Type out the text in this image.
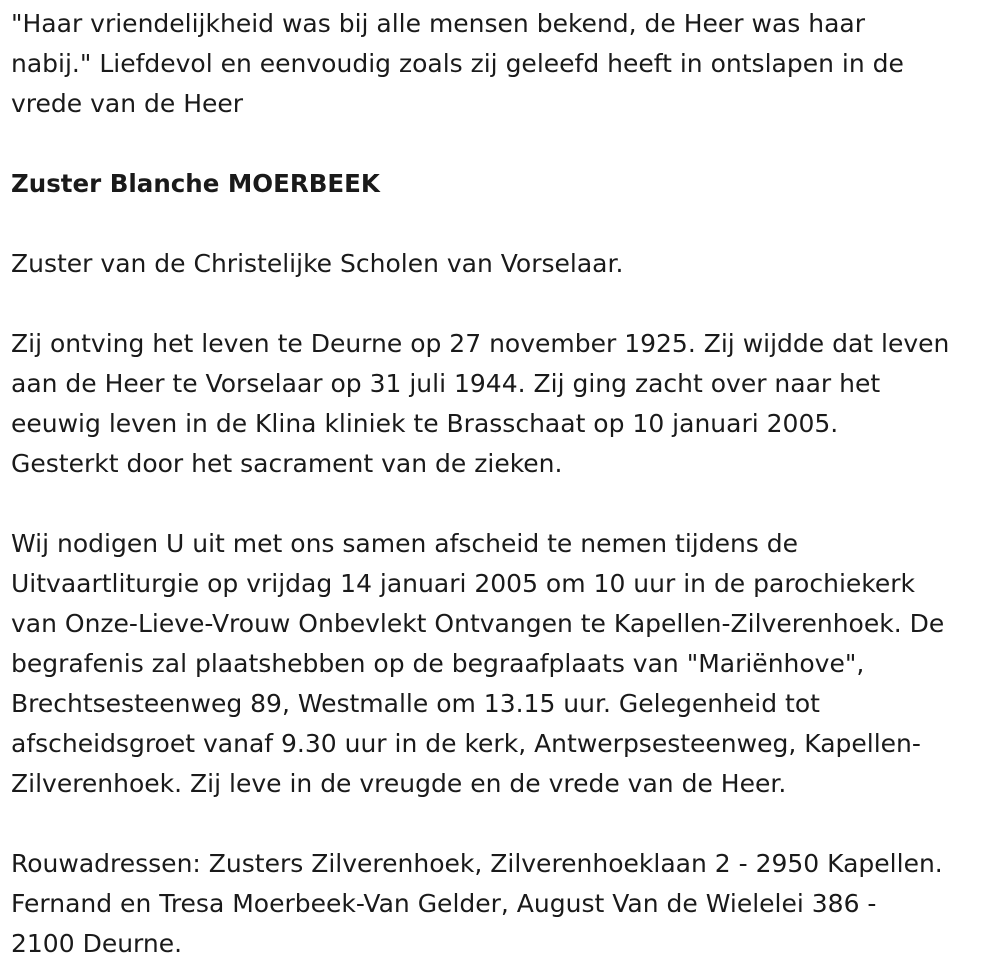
"Haar vriendelijkheid was bij alle mensen bekend, de Heer was haar
nabij." Liefdevol en eenvoudig zoals zij geleefd heeft in ontslapen in de
vrede van de Heer

Zuster Blanche MOERBEEK

Zuster van de Christelijke Scholen van Vorselaar.

Zij ontving het leven te Deurne op 27 november 1925. Zij wijdde dat leven
aan de Heer te Vorselaar op 31 juli 1944. Zij ging zacht over naar het
eeuwig leven in de Klina kliniek te Brasschaat op 10 januari 2005.
Gesterkt door het sacrament van de zieken.

Wij nodigen U uit met ons samen afscheid te nemen tijdens de
Uitvaartliturgie op vrijdag 14 januari 2005 om 10 uur in de parochiekerk
van Onze-Lieve-Vrouw Onbevlekt Ontvangen te Kapellen-Zilverenhoek. De
begrafenis zal plaatshebben op de begraafplaats van "Mariënhove",
Brechtsesteenweg 89, Westmalle om 13.15 uur. Gelegenheid tot
afscheidsgroet vanaf 9.30 uur in de kerk, Antwerpsesteenweg, Kapellen-
Zilverenhoek. Zij leve in de vreugde en de vrede van de Heer.

Rouwadressen: Zusters Zilverenhoek, Zilverenhoeklaan 2 - 2950 Kapellen.
Fernand en Tresa Moerbeek-Van Gelder, August Van de Wielelei 386 -
2100 Deurne.
